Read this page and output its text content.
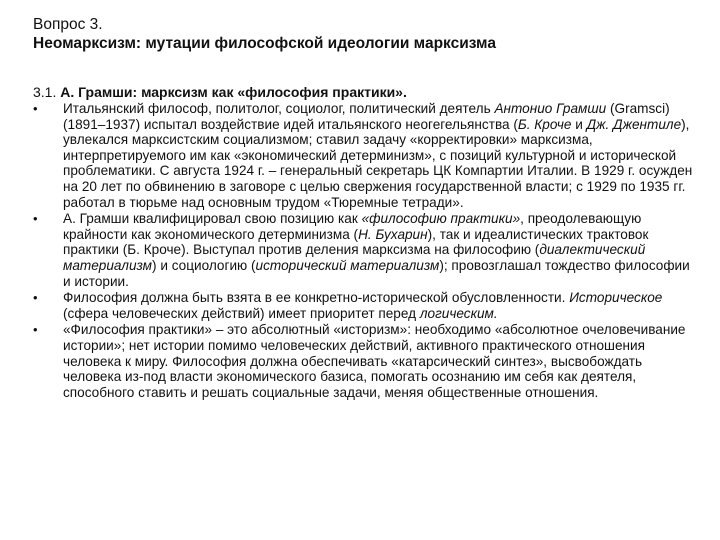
Вопрос 3.
Неомарксизм: мутации философской идеологии марксизма
3.1. А. Грамши: марксизм как «философия практики».
•	Итальянский философ, политолог, социолог, политический деятель Антонио Грамши (Gramsci) (1891–1937) испытал воздействие идей итальянского неогегельянства (Б. Кроче и Дж. Джентиле), увлекался марксистским социализмом; ставил задачу «корректировки» марксизма, интерпретируемого им как «экономический детерминизм», с позиций культурной и исторической проблематики. С августа 1924 г. – генеральный секретарь ЦК Компартии Италии. В 1929 г. осужден на 20 лет по обвинению в заговоре с целью свержения государственной власти; с 1929 по 1935 гг. работал в тюрьме над основным трудом «Тюремные тетради».
•	А. Грамши квалифицировал свою позицию как «философию практики», преодолевающую крайности как экономического детерминизма (Н. Бухарин), так и идеалистических трактовок практики (Б. Кроче). Выступал против деления марксизма на философию (диалектический материализм) и социологию (исторический материализм); провозглашал тождество философии и истории.
•	Философия должна быть взята в ее конкретно-исторической обусловленности. Историческое (сфера человеческих действий) имеет приоритет перед логическим.
•	«Философия практики» – это абсолютный «историзм»: необходимо «абсолютное очеловечивание истории»; нет истории помимо человеческих действий, активного практического отношения человека к миру. Философия должна обеспечивать «катарсический синтез», высвобождать человека из-под власти экономического базиса, помогать осознанию им себя как деятеля, способного ставить и решать социальные задачи, меняя общественные отношения.
